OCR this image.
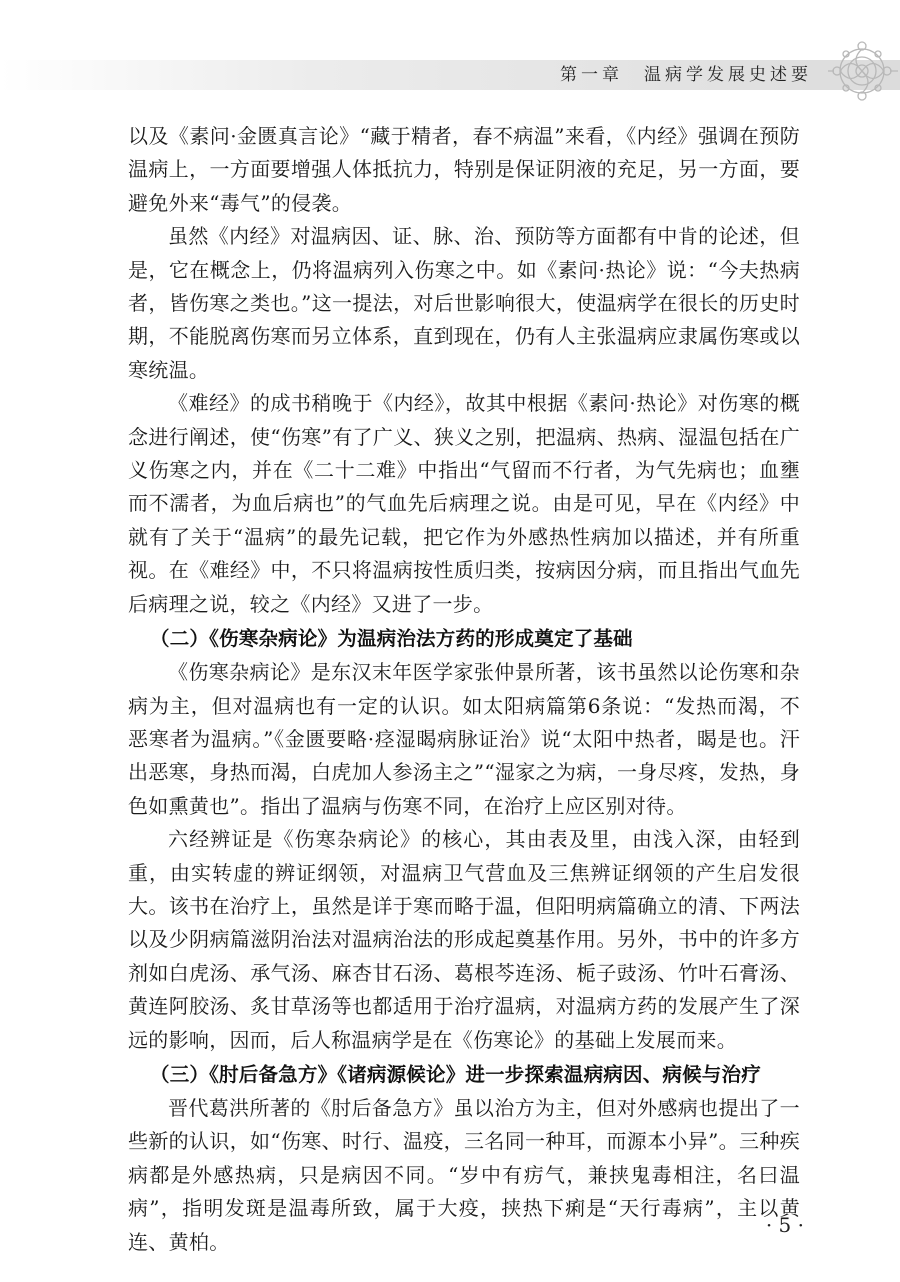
第一章　温病学发展史述要

以及《素问·金匮真言论》“藏于精者，春不病温”来看，《内经》强调在预防温病上，一方面要增强人体抵抗力，特别是保证阴液的充足，另一方面，要避免外来“毒气”的侵袭。

虽然《内经》对温病因、证、脉、治、预防等方面都有中肯的论述，但是，它在概念上，仍将温病列入伤寒之中。如《素问·热论》说：“今夫热病者，皆伤寒之类也。”这一提法，对后世影响很大，使温病学在很长的历史时期，不能脱离伤寒而另立体系，直到现在，仍有人主张温病应隶属伤寒或以寒统温。

《难经》的成书稍晚于《内经》，故其中根据《素问·热论》对伤寒的概念进行阐述，使“伤寒”有了广义、狭义之别，把温病、热病、湿温包括在广义伤寒之内，并在《二十二难》中指出“气留而不行者，为气先病也；血壅而不濡者，为血后病也”的气血先后病理之说。由是可见，早在《内经》中就有了关于“温病”的最先记载，把它作为外感热性病加以描述，并有所重视。在《难经》中，不只将温病按性质归类，按病因分病，而且指出气血先后病理之说，较之《内经》又进了一步。

（二）《伤寒杂病论》为温病治法方药的形成奠定了基础

《伤寒杂病论》是东汉末年医学家张仲景所著，该书虽然以论伤寒和杂病为主，但对温病也有一定的认识。如太阳病篇第6条说：“发热而渴，不恶寒者为温病。”《金匮要略·痉湿暍病脉证治》说“太阳中热者，暍是也。汗出恶寒，身热而渴，白虎加人参汤主之”“湿家之为病，一身尽疼，发热，身色如熏黄也”。指出了温病与伤寒不同，在治疗上应区别对待。

六经辨证是《伤寒杂病论》的核心，其由表及里，由浅入深，由轻到重，由实转虚的辨证纲领，对温病卫气营血及三焦辨证纲领的产生启发很大。该书在治疗上，虽然是详于寒而略于温，但阳明病篇确立的清、下两法以及少阴病篇滋阴治法对温病治法的形成起奠基作用。另外，书中的许多方剂如白虎汤、承气汤、麻杏甘石汤、葛根芩连汤、栀子豉汤、竹叶石膏汤、黄连阿胶汤、炙甘草汤等也都适用于治疗温病，对温病方药的发展产生了深远的影响，因而，后人称温病学是在《伤寒论》的基础上发展而来。

（三）《肘后备急方》《诸病源候论》进一步探索温病病因、病候与治疗

晋代葛洪所著的《肘后备急方》虽以治方为主，但对外感病也提出了一些新的认识，如“伤寒、时行、温疫，三名同一种耳，而源本小异”。三种疾病都是外感热病，只是病因不同。“岁中有疠气，兼挟鬼毒相注，名曰温病”，指明发斑是温毒所致，属于大疫，挟热下痢是“天行毒病”，主以黄连、黄柏。

· 5 ·
